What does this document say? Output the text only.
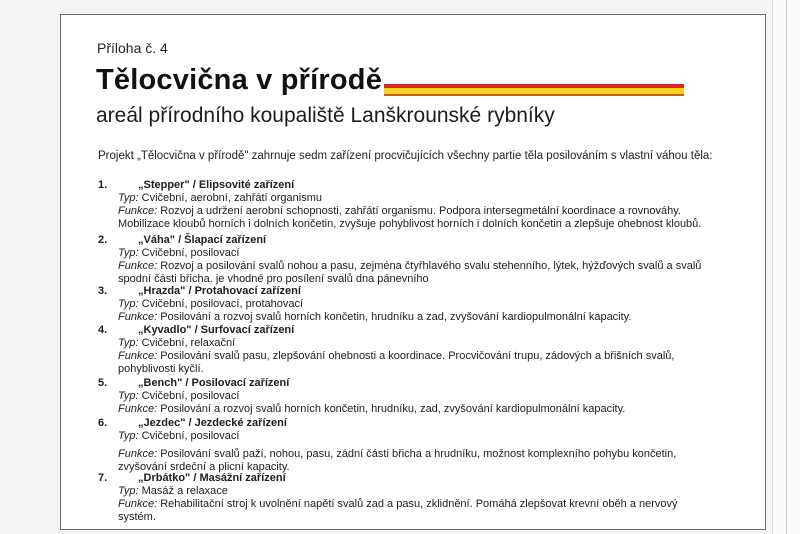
Příloha č. 4
Tělocvična v přírodě
areál přírodního koupaliště Lanškrounské rybníky
Projekt „Tělocvična v přírodě" zahrnuje sedm zařízení procvičujících všechny partie těla posilováním s vlastní váhou těla:
1.	„Stepper" / Elipsovité zařízení

Typ: Cvičební, aerobní, zahřátí organismu

Funkce: Rozvoj a udržení aerobní schopnosti, zahřátí organismu. Podpora intersegmetální koordinace a rovnováhy.

Mobilizace kloubů horních i dolních končetin, zvyšuje pohyblivost horních i dolních končetin a zlepšuje ohebnost kloubů.

2.	„Váha" / Šlapací zařízení

Typ: Cvičební, posilovací

Funkce: Rozvoj a posilování svalů nohou a pasu, zejména čtyřhlavého svalu stehenního, lýtek, hýžďových svalů a svalů

spodní části břicha. je vhodné pro posílení svalů dna pánevního

3.	„Hrazda" / Protahovací zařízení

Typ: Cvičební, posilovací, protahovací

Funkce: Posilování a rozvoj svalů horních končetin, hrudníku a zad, zvyšování kardiopulmonální kapacity.

4.	„Kyvadlo" / Surfovací zařízení

Typ: Cvičební, relaxační

Funkce: Posilování svalů pasu, zlepšování ohebnosti a koordinace. Procvičování trupu, zádových a břišních svalů,

pohyblivosti kyčlí.

5.	„Bench" / Posilovací zařízení

Typ: Cvičební, posilovací

Funkce: Posilování a rozvoj svalů horních končetin, hrudníku, zad, zvyšování kardiopulmonální kapacity.

6.	„Jezdec" / Jezdecké zařízení

Typ: Cvičební, posilovací

Funkce: Posilování svalů paží, nohou, pasu, zádní části břicha a hrudníku, možnost komplexního pohybu končetin,

zvyšování srdeční a plicní kapacity.

7.	„Drbátko" / Masážní zařízení

Typ: Masáž a relaxace

Funkce: Rehabilitační stroj k uvolnění napětí svalů zad a pasu, zklidnění. Pomáhá zlepšovat krevní oběh a nervový systém.
